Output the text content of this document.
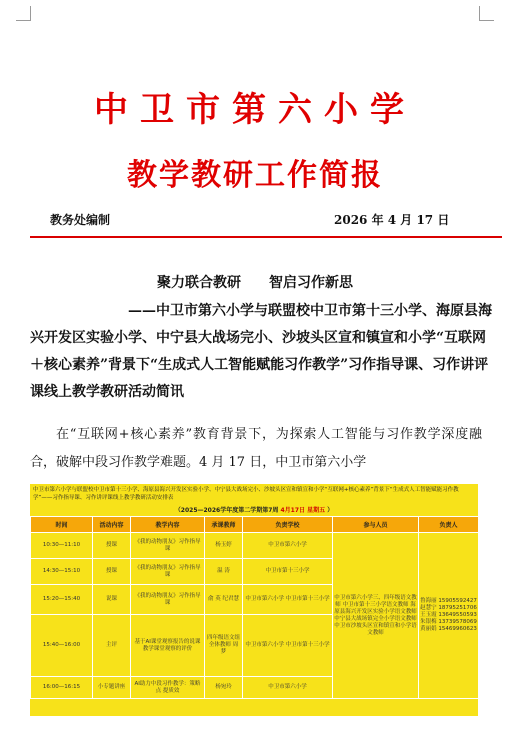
中卫市第六小学
教学教研工作简报
教务处编制	2026 年 4 月 17 日
聚力联合教研　　智启习作新思
——中卫市第六小学与联盟校中卫市第十三小学、海原县海兴开发区实验小学、中宁县大战场完小、沙坡头区宣和镇宣和小学“互联网＋核心素养”背景下“生成式人工智能赋能习作教学”习作指导课、习作讲评课线上教学教研活动简讯
在“互联网+核心素养”教育背景下，为探索人工智能与习作教学深度融合，破解中段习作教学难题。4 月 17 日，中卫市第六小学
中卫市第六小学与联盟校中卫市第十三小学、海原县海兴开发区实验小学、中宁县大战场完小、沙坡头区宣和镇宣和小学“互联网+核心素养”背景下“生成式人工智能赋能习作教学”——习作指导课、习作讲评课线上教学教研活动安排表
（2025—2026学年度第二学期第7周 4月17日 星期五 ）
时间	活动内容	教学内容	承课教师	负责学校	参与人员	负责人
10:30—11:10	授课	《我的动物朋友》习作指导课	杨玉婷	中卫市第六小学	中卫市第六小学三、四年级语文教师 中卫市第十三小学语文教师 海原县海兴开发区实验小学语文教师 中宁县大战场镇完全小学语文教师 中卫市沙坡头区宣和镇宣和小学语文教师	鲁海丽 15905592427 赵慧宁 18795251706 王玉霞 13649550593 朱银梅 13739578069 黄丽娟 15469960623
14:30—15:10	授课	《我的动物朋友》习作指导课	温 涛	中卫市第十三小学		
15:20—15:40	说课	《我的动物朋友》习作指导课	俞 英 纪君慧	中卫市第六小学 中卫市第十三小学		
15:40—16:00	主评	基于AI课堂观察报告的说课教学课堂观察的评价	四年级语文组全体教师 周 梦	中卫市第六小学 中卫市第十三小学		
16:00—16:15	小专题讲座	AI助力中段习作教学：策略点 提质效	杨宛玲	中卫市第六小学		
